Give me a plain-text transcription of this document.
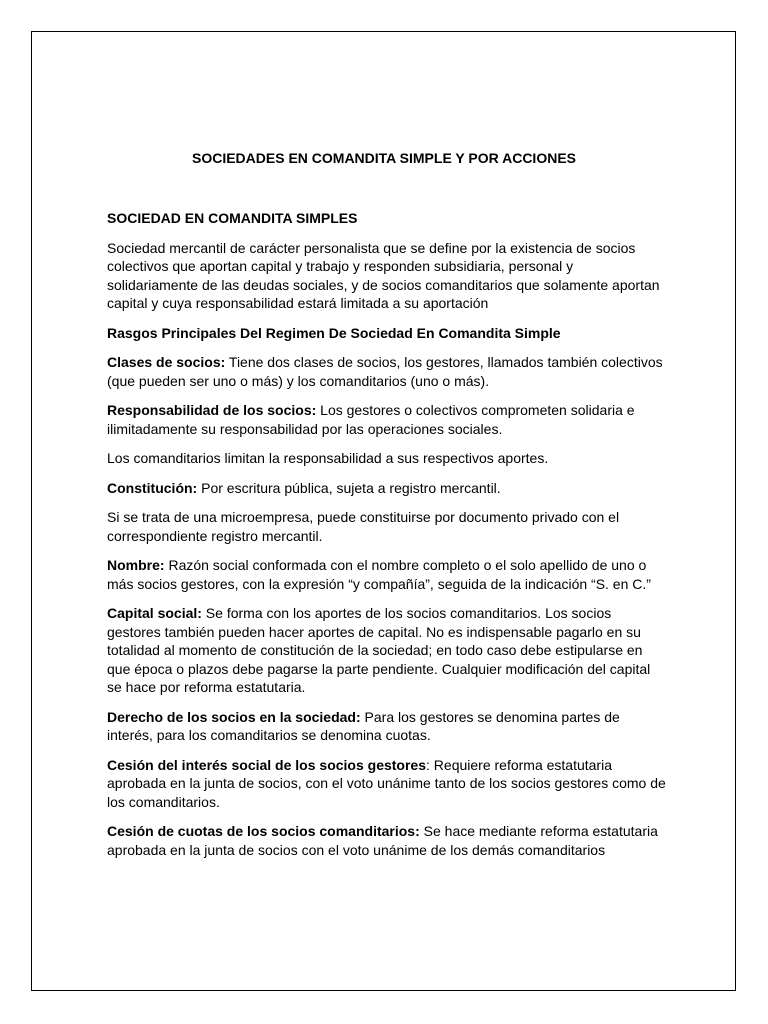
SOCIEDADES EN COMANDITA SIMPLE Y POR ACCIONES

SOCIEDAD EN COMANDITA SIMPLES

Sociedad mercantil de carácter personalista que se define por la existencia de socios colectivos que aportan capital y trabajo y responden subsidiaria, personal y solidariamente de las deudas sociales, y de socios comanditarios que solamente aportan capital y cuya responsabilidad estará limitada a su aportación

Rasgos Principales Del Regimen De Sociedad En Comandita Simple

Clases de socios: Tiene dos clases de socios, los gestores, llamados también colectivos (que pueden ser uno o más) y los comanditarios (uno o más).

Responsabilidad de los socios: Los gestores o colectivos comprometen solidaria e ilimitadamente su responsabilidad por las operaciones sociales.

Los comanditarios limitan la responsabilidad a sus respectivos aportes.

Constitución: Por escritura pública, sujeta a registro mercantil.

Si se trata de una microempresa, puede constituirse por documento privado con el correspondiente registro mercantil.

Nombre: Razón social conformada con el nombre completo o el solo apellido de uno o más socios gestores, con la expresión “y compañía”, seguida de la indicación “S. en C.”

Capital social: Se forma con los aportes de los socios comanditarios. Los socios gestores también pueden hacer aportes de capital. No es indispensable pagarlo en su totalidad al momento de constitución de la sociedad; en todo caso debe estipularse en que época o plazos debe pagarse la parte pendiente. Cualquier modificación del capital se hace por reforma estatutaria.

Derecho de los socios en la sociedad: Para los gestores se denomina partes de interés, para los comanditarios se denomina cuotas.

Cesión del interés social de los socios gestores: Requiere reforma estatutaria aprobada en la junta de socios, con el voto unánime tanto de los socios gestores como de los comanditarios.

Cesión de cuotas de los socios comanditarios: Se hace mediante reforma estatutaria aprobada en la junta de socios con el voto unánime de los demás comanditarios
